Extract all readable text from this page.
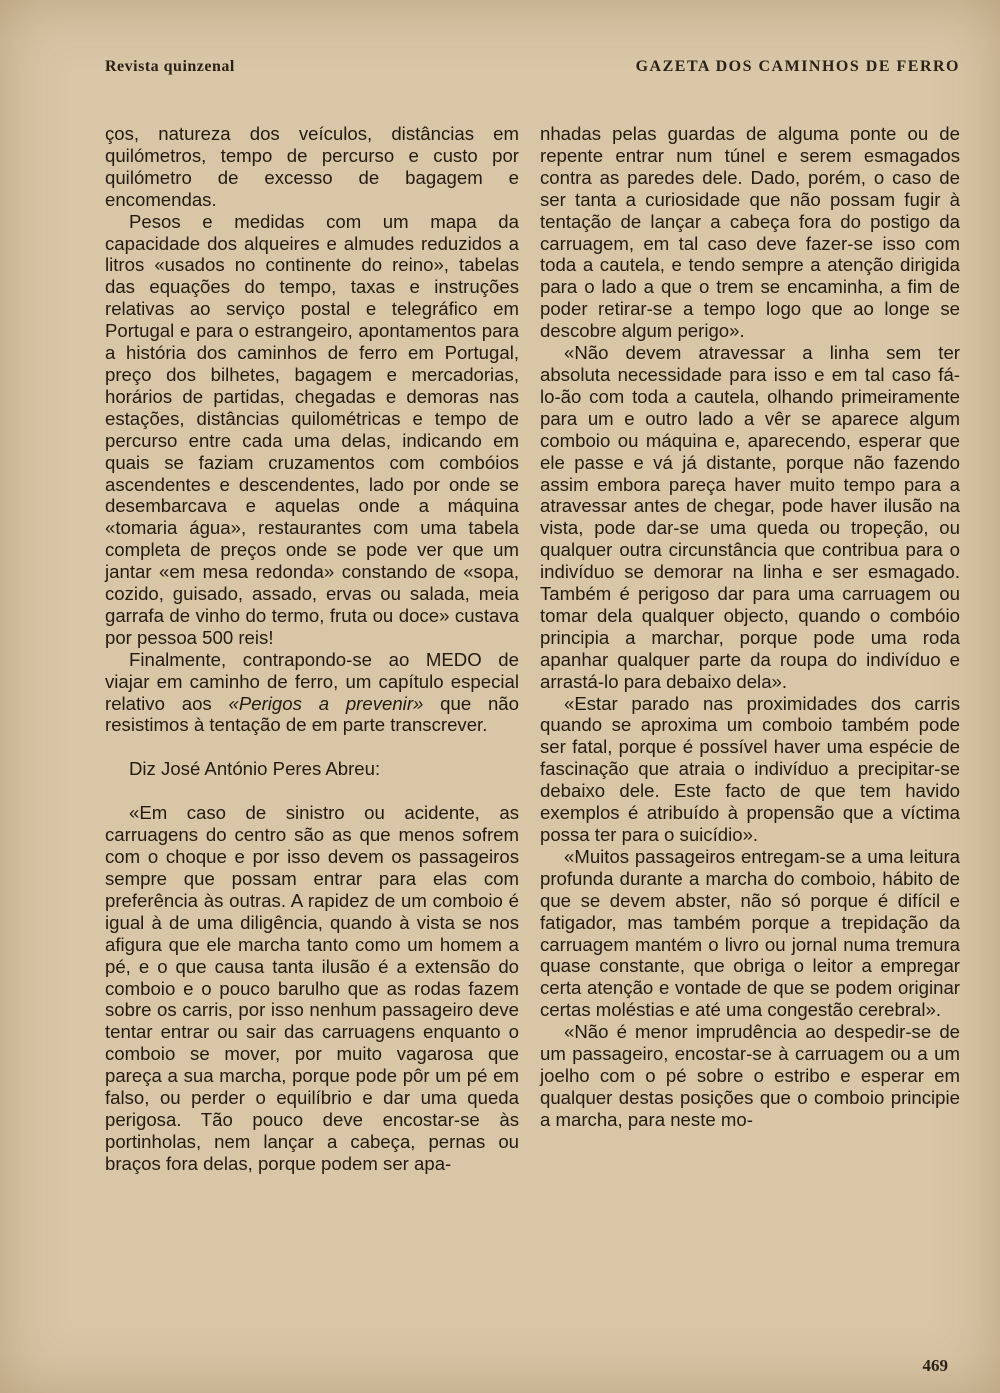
Revista quinzenal	GAZETA DOS CAMINHOS DE FERRO

ços, natureza dos veículos, distâncias em quilómetros, tempo de percurso e custo por quilómetro de excesso de bagagem e encomendas.

Pesos e medidas com um mapa da capacidade dos alqueires e almudes reduzidos a litros «usados no continente do reino», tabelas das equações do tempo, taxas e instruções relativas ao serviço postal e telegráfico em Portugal e para o estrangeiro, apontamentos para a história dos caminhos de ferro em Portugal, preço dos bilhetes, bagagem e mercadorias, horários de partidas, chegadas e demoras nas estações, distâncias quilométricas e tempo de percurso entre cada uma delas, indicando em quais se faziam cruzamentos com combóios ascendentes e descendentes, lado por onde se desembarcava e aquelas onde a máquina «tomaria água», restaurantes com uma tabela completa de preços onde se pode ver que um jantar «em mesa redonda» constando de «sopa, cozido, guisado, assado, ervas ou salada, meia garrafa de vinho do termo, fruta ou doce» custava por pessoa 500 reis!

Finalmente, contrapondo-se ao MEDO de viajar em caminho de ferro, um capítulo especial relativo aos «Perigos a prevenir» que não resistimos à tentação de em parte transcrever.

Diz José António Peres Abreu:

«Em caso de sinistro ou acidente, as carruagens do centro são as que menos sofrem com o choque e por isso devem os passageiros sempre que possam entrar para elas com preferência às outras. A rapidez de um comboio é igual à de uma diligência, quando à vista se nos afigura que ele marcha tanto como um homem a pé, e o que causa tanta ilusão é a extensão do comboio e o pouco barulho que as rodas fazem sobre os carris, por isso nenhum passageiro deve tentar entrar ou sair das carruagens enquanto o comboio se mover, por muito vagarosa que pareça a sua marcha, porque pode pôr um pé em falso, ou perder o equilíbrio e dar uma queda perigosa. Tão pouco deve encostar-se às portinholas, nem lançar a cabeça, pernas ou braços fora delas, porque podem ser apa-

nhadas pelas guardas de alguma ponte ou de repente entrar num túnel e serem esmagados contra as paredes dele. Dado, porém, o caso de ser tanta a curiosidade que não possam fugir à tentação de lançar a cabeça fora do postigo da carruagem, em tal caso deve fazer-se isso com toda a cautela, e tendo sempre a atenção dirigida para o lado a que o trem se encaminha, a fim de poder retirar-se a tempo logo que ao longe se descobre algum perigo».

«Não devem atravessar a linha sem ter absoluta necessidade para isso e em tal caso fá-lo-ão com toda a cautela, olhando primeiramente para um e outro lado a vêr se aparece algum comboio ou máquina e, aparecendo, esperar que ele passe e vá já distante, porque não fazendo assim embora pareça haver muito tempo para a atravessar antes de chegar, pode haver ilusão na vista, pode dar-se uma queda ou tropeção, ou qualquer outra circunstância que contribua para o indivíduo se demorar na linha e ser esmagado. Também é perigoso dar para uma carruagem ou tomar dela qualquer objecto, quando o combóio principia a marchar, porque pode uma roda apanhar qualquer parte da roupa do indivíduo e arrastá-lo para debaixo dela».

«Estar parado nas proximidades dos carris quando se aproxima um comboio também pode ser fatal, porque é possível haver uma espécie de fascinação que atraia o indivíduo a precipitar-se debaixo dele. Este facto de que tem havido exemplos é atribuído à propensão que a víctima possa ter para o suicídio».

«Muitos passageiros entregam-se a uma leitura profunda durante a marcha do comboio, hábito de que se devem abster, não só porque é difícil e fatigador, mas também porque a trepidação da carruagem mantém o livro ou jornal numa tremura quase constante, que obriga o leitor a empregar certa atenção e vontade de que se podem originar certas moléstias e até uma congestão cerebral».

«Não é menor imprudência ao despedir-se de um passageiro, encostar-se à carruagem ou a um joelho com o pé sobre o estribo e esperar em qualquer destas posições que o comboio principie a marcha, para neste mo-

469
